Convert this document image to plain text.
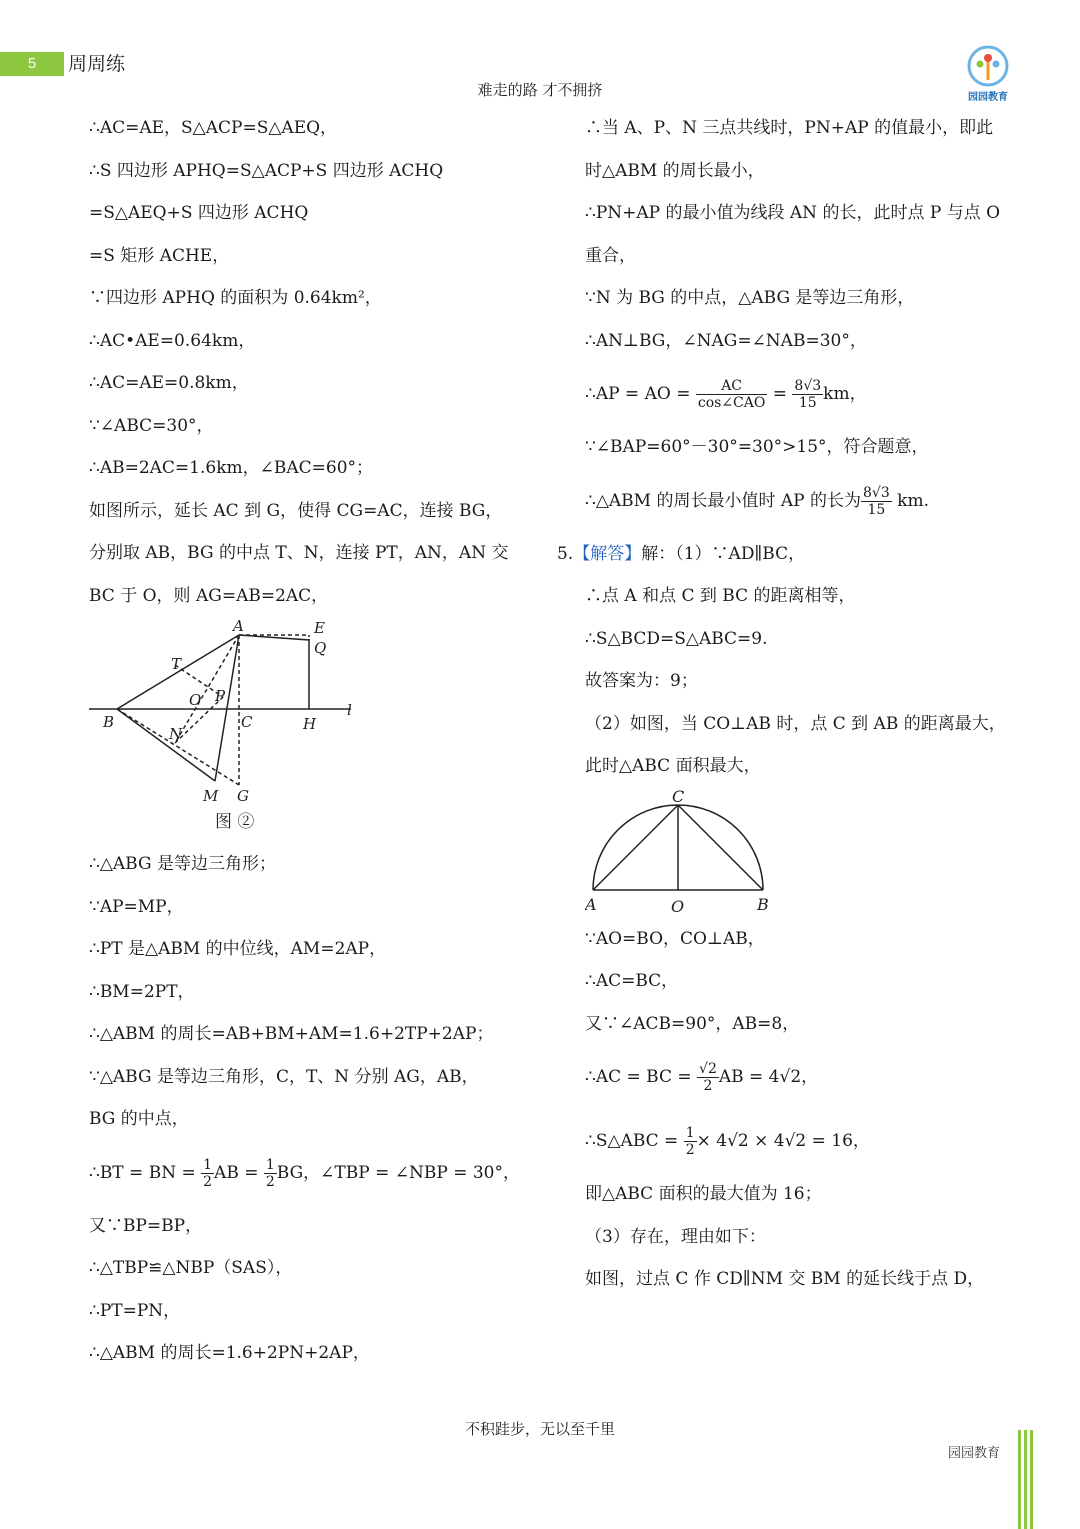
5	周周练
难走的路 才不拥挤	园园教育
∴AC=AE，S△ACP=S△AEQ，
∴S 四边形 APHQ=S△ACP+S 四边形 ACHQ
=S△AEQ+S 四边形 ACHQ
=S 矩形 ACHE，
∵四边形 APHQ 的面积为 0.64km²，
∴AC•AE=0.64km，
∴AC=AE=0.8km，
∵∠ABC=30°，
∴AB=2AC=1.6km，∠BAC=60°；
如图所示，延长 AC 到 G，使得 CG=AC，连接 BG，
分别取 AB，BG 的中点 T、N，连接 PT，AN，AN 交
BC 于 O，则 AG=AB=2AC，
A	E
Q
T
O P
B	C	H
l
N
M G
图 ②
∴△ABG 是等边三角形；
∵AP=MP，
∴PT 是△ABM 的中位线，AM=2AP，
∴BM=2PT，
∴△ABM 的周长=AB+BM+AM=1.6+2TP+2AP；
∵△ABG 是等边三角形，C，T、N 分别 AG，AB，
BG 的中点，
∴BT = BN = $\frac{1}{2}$ AB = $\frac{1}{2}$ BG，∠TBP = ∠NBP = 30°，
又∵BP=BP，
∴△TBP≌△NBP（SAS），
∴PT=PN，
∴△ABM 的周长=1.6+2PN+2AP，
∴当 A、P、N 三点共线时，PN+AP 的值最小，即此
时△ABM 的周长最小，
∴PN+AP 的最小值为线段 AN 的长，此时点 P 与点 O
重合，
∵N 为 BG 的中点，△ABG 是等边三角形，
∴AN⊥BG，∠NAG=∠NAB=30°，
∴AP = AO = $\frac{AC}{\text{cos∠CAO}} = \frac{8√3}{15}$ km，
∵∠BAP=60°－30°=30°>15°，符合题意，
∴△ABM 的周长最小值时 AP 的长为 $\frac{8√3}{15}$ km.
5.【解答】解：（1）∵AD∥BC，
∴点 A 和点 C 到 BC 的距离相等，
∴S△BCD=S△ABC=9.
故答案为：9；
（2）如图，当 CO⊥AB 时，点 C 到 AB 的距离最大，
此时△ABC 面积最大，
C
A	O	B
∵AO=BO，CO⊥AB，
∴AC=BC，
又∵∠ACB=90°，AB=8，
∴AC = BC = $\frac{√2}{2}$ AB = 4√2，
∴S△ABC = $\frac{1}{2} \times 4√2 \times 4√2 = 16$，
即△ABC 面积的最大值为 16；
（3）存在，理由如下：
如图，过点 C 作 CD∥NM 交 BM 的延长线于点 D，
不积跬步，无以至千里
园园教育
